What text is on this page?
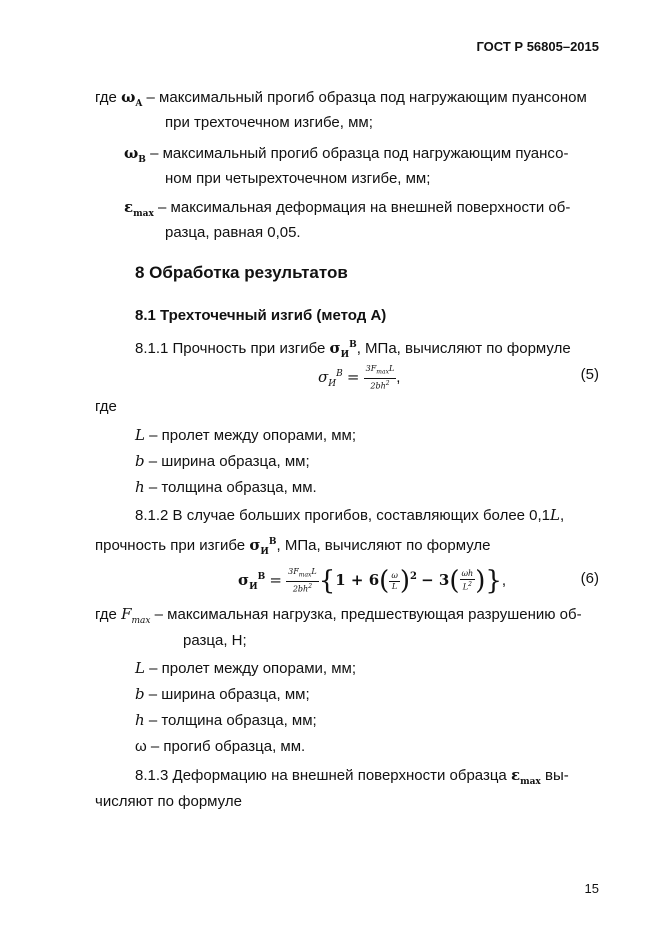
ГОСТ Р 56805–2015
где $\omega_A$ – максимальный прогиб образца под нагружающим пуансоном
при трехточечном изгибе, мм;
$\omega_B$ – максимальный прогиб образца под нагружающим пуансо-
ном при четырехточечном изгибе, мм;
$\varepsilon_{max}$ – максимальная деформация на внешней поверхности об-
разца, равная 0,05.
8 Обработка результатов
8.1 Трехточечный изгиб (метод А)
8.1.1 Прочность при изгибе $\sigma_И^В$, МПа, вычисляют по формуле
$\sigma_И^В = \frac{3F_{max}L}{2bh^2}$ ,	(5)
где
L – пролет между опорами, мм;
b – ширина образца, мм;
h – толщина образца, мм.
8.1.2 В случае больших прогибов, составляющих более 0,1L,
прочность при изгибе $\sigma_И^В$, МПа, вычисляют по формуле
$\sigma_И^В = \frac{3F_{max}L}{2bh^2} \{1 + 6( \frac{\omega}{L} )^2 - 3( \frac{\omega h}{L^2}$ )},	(6)
где $F_{max}$ – максимальная нагрузка, предшествующая разрушению об-
разца, Н;
L – пролет между опорами, мм;
b – ширина образца, мм;
h – толщина образца, мм;
ω – прогиб образца, мм.
8.1.3 Деформацию на внешней поверхности образца $\varepsilon_{max}$ вы-
числяют по формуле
15
